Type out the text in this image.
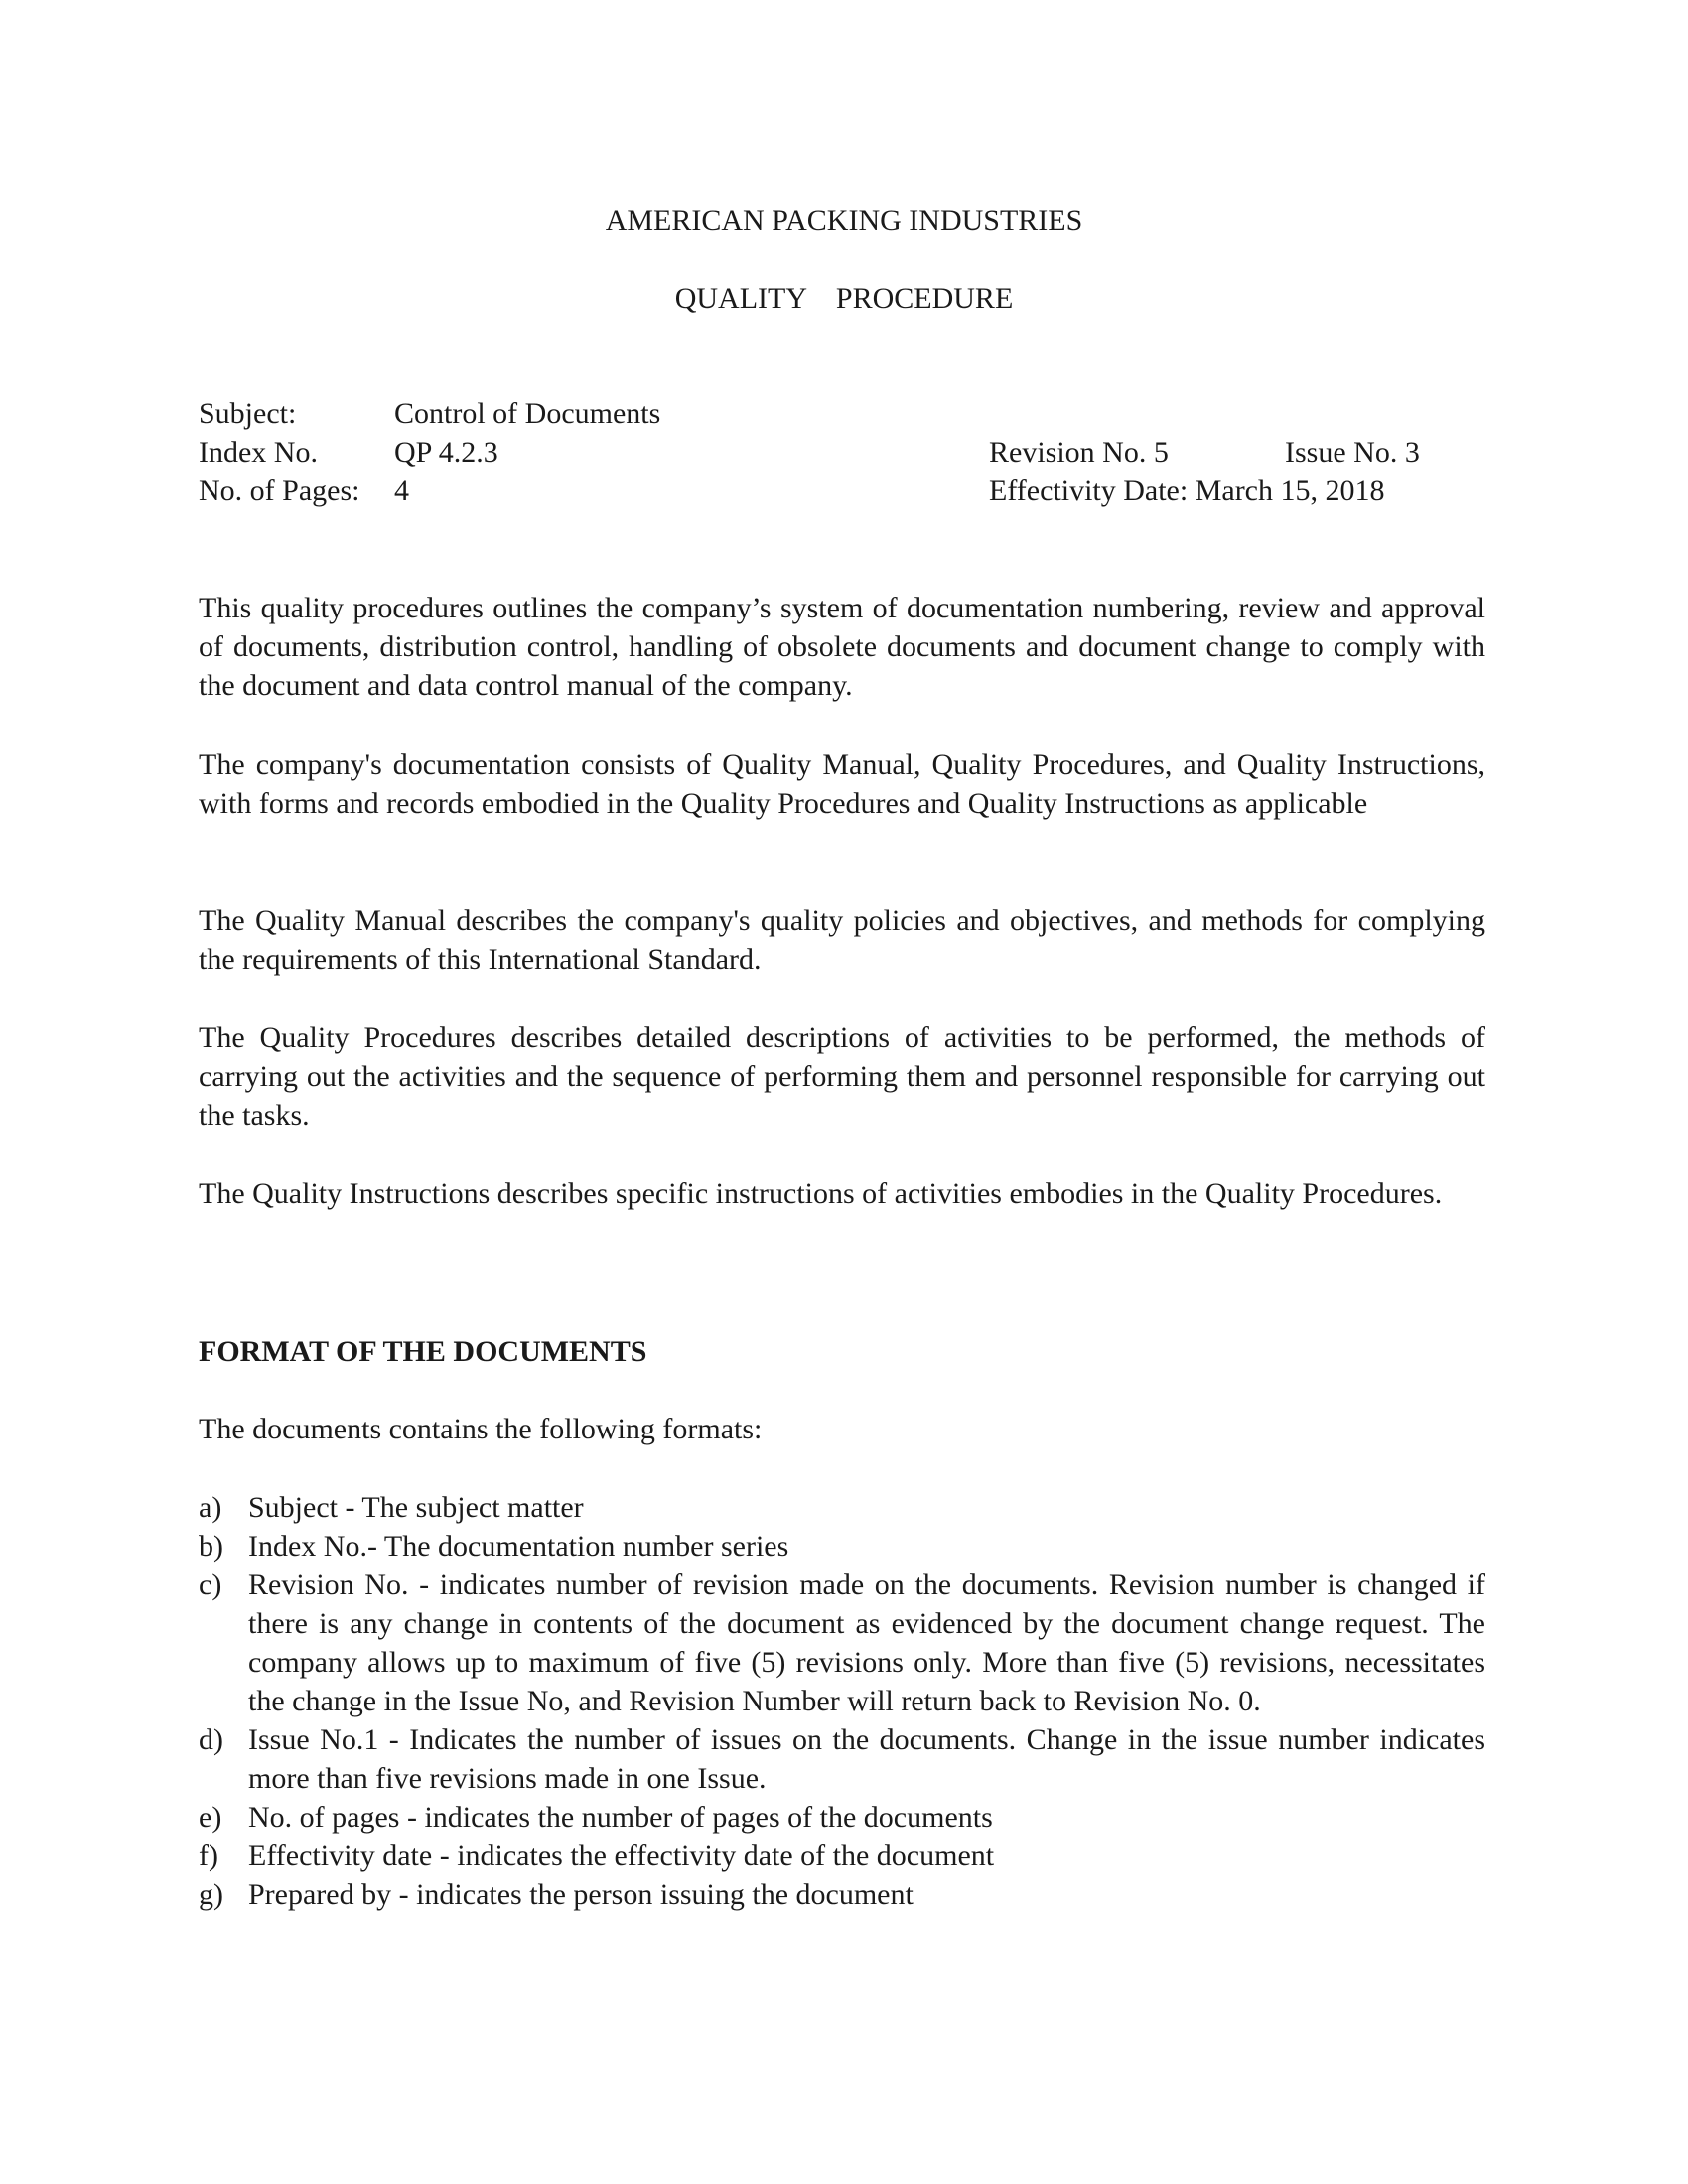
AMERICAN PACKING INDUSTRIES
QUALITY    PROCEDURE
Subject:	Control of Documents
Index No.	QP 4.2.3	Revision No. 5	Issue No. 3
No. of Pages: 4	Effectivity Date: March 15, 2018
This quality procedures outlines the company’s system of documentation numbering, review and approval of documents, distribution control, handling of obsolete documents and document change to comply with the document and data control manual of the company.
The company's documentation consists of Quality Manual, Quality Procedures, and Quality Instructions, with forms and records embodied in the Quality Procedures and Quality Instructions as applicable
The Quality Manual describes the company's quality policies and objectives, and methods for complying the requirements of this International Standard.
The Quality Procedures describes detailed descriptions of activities to be performed, the methods of carrying out the activities and the sequence of performing them and personnel responsible for carrying out the tasks.
The Quality Instructions describes specific instructions of activities embodies in the Quality Procedures.
FORMAT OF THE DOCUMENTS
The documents contains the following formats:
a) Subject - The subject matter
b) Index No.- The documentation number series
c) Revision No. - indicates number of revision made on the documents. Revision number is changed if there is any change in contents of the document as evidenced by the document change request. The company allows up to maximum of five (5) revisions only. More than five (5) revisions, necessitates the change in the Issue No, and Revision Number will return back to Revision No. 0.
d) Issue No.1 - Indicates the number of issues on the documents. Change in the issue number indicates more than five revisions made in one Issue.
e) No. of pages - indicates the number of pages of the documents
f) Effectivity date - indicates the effectivity date of the document
g) Prepared by - indicates the person issuing the document
